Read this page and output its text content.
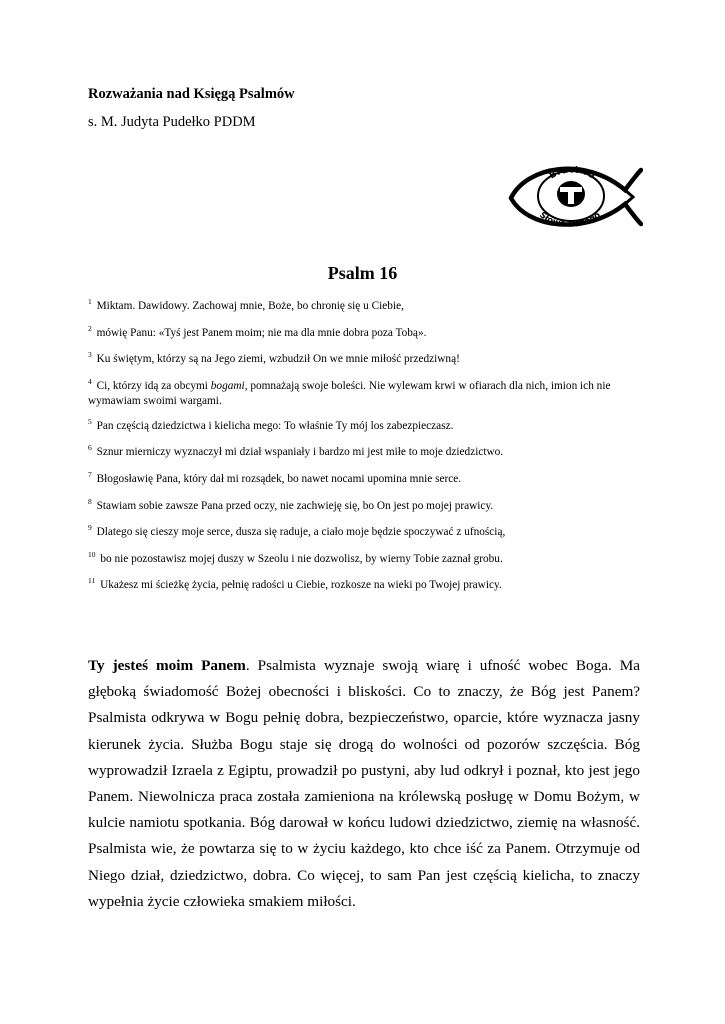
Rozważania nad Księgą Psalmów
s. M. Judyta Pudełko PDDM
Bractwo
Słowa Bożego
Psalm 16

$^1$ Miktam. Dawidowy. Zachowaj mnie, Boże, bo chronię się u Ciebie,

$^2$ mówię Panu: «Tyś jest Panem moim; nie ma dla mnie dobra poza Tobą».

$^3$ Ku świętym, którzy są na Jego ziemi, wzbudził On we mnie miłość przedziwną!

$^4$ Ci, którzy idą za obcymi bogami, pomnażają swoje boleści. Nie wylewam krwi w ofiarach dla nich, imion ich nie wymawiam swoimi wargami.

$^5$ Pan częścią dziedzictwa i kielicha mego: To właśnie Ty mój los zabezpieczasz.

$^6$ Sznur mierniczy wyznaczył mi dział wspaniały i bardzo mi jest miłe to moje dziedzictwo.

$^7$ Błogosławię Pana, który dał mi rozsądek, bo nawet nocami upomina mnie serce.

$^8$ Stawiam sobie zawsze Pana przed oczy, nie zachwieję się, bo On jest po mojej prawicy.

$^9$ Dlatego się cieszy moje serce, dusza się raduje, a ciało moje będzie spoczywać z ufnością,

$^{10}$ bo nie pozostawisz mojej duszy w Szeolu i nie dozwolisz, by wierny Tobie zaznał grobu.

$^{11}$ Ukażesz mi ścieżkę życia, pełnię radości u Ciebie, rozkosze na wieki po Twojej prawicy.

Ty jesteś moim Panem. Psalmista wyznaje swoją wiarę i ufność wobec Boga. Ma głęboką świadomość Bożej obecności i bliskości. Co to znaczy, że Bóg jest Panem? Psalmista odkrywa w Bogu pełnię dobra, bezpieczeństwo, oparcie, które wyznacza jasny kierunek życia. Służba Bogu staje się drogą do wolności od pozorów szczęścia. Bóg wyprowadził Izraela z Egiptu, prowadził po pustyni, aby lud odkrył i poznał, kto jest jego Panem. Niewolnicza praca została zamieniona na królewską posługę w Domu Bożym, w kulcie namiotu spotkania. Bóg darował w końcu ludowi dziedzictwo, ziemię na własność. Psalmista wie, że powtarza się to w życiu każdego, kto chce iść za Panem. Otrzymuje od Niego dział, dziedzictwo, dobra. Co więcej, to sam Pan jest częścią kielicha, to znaczy wypełnia życie człowieka smakiem miłości.
